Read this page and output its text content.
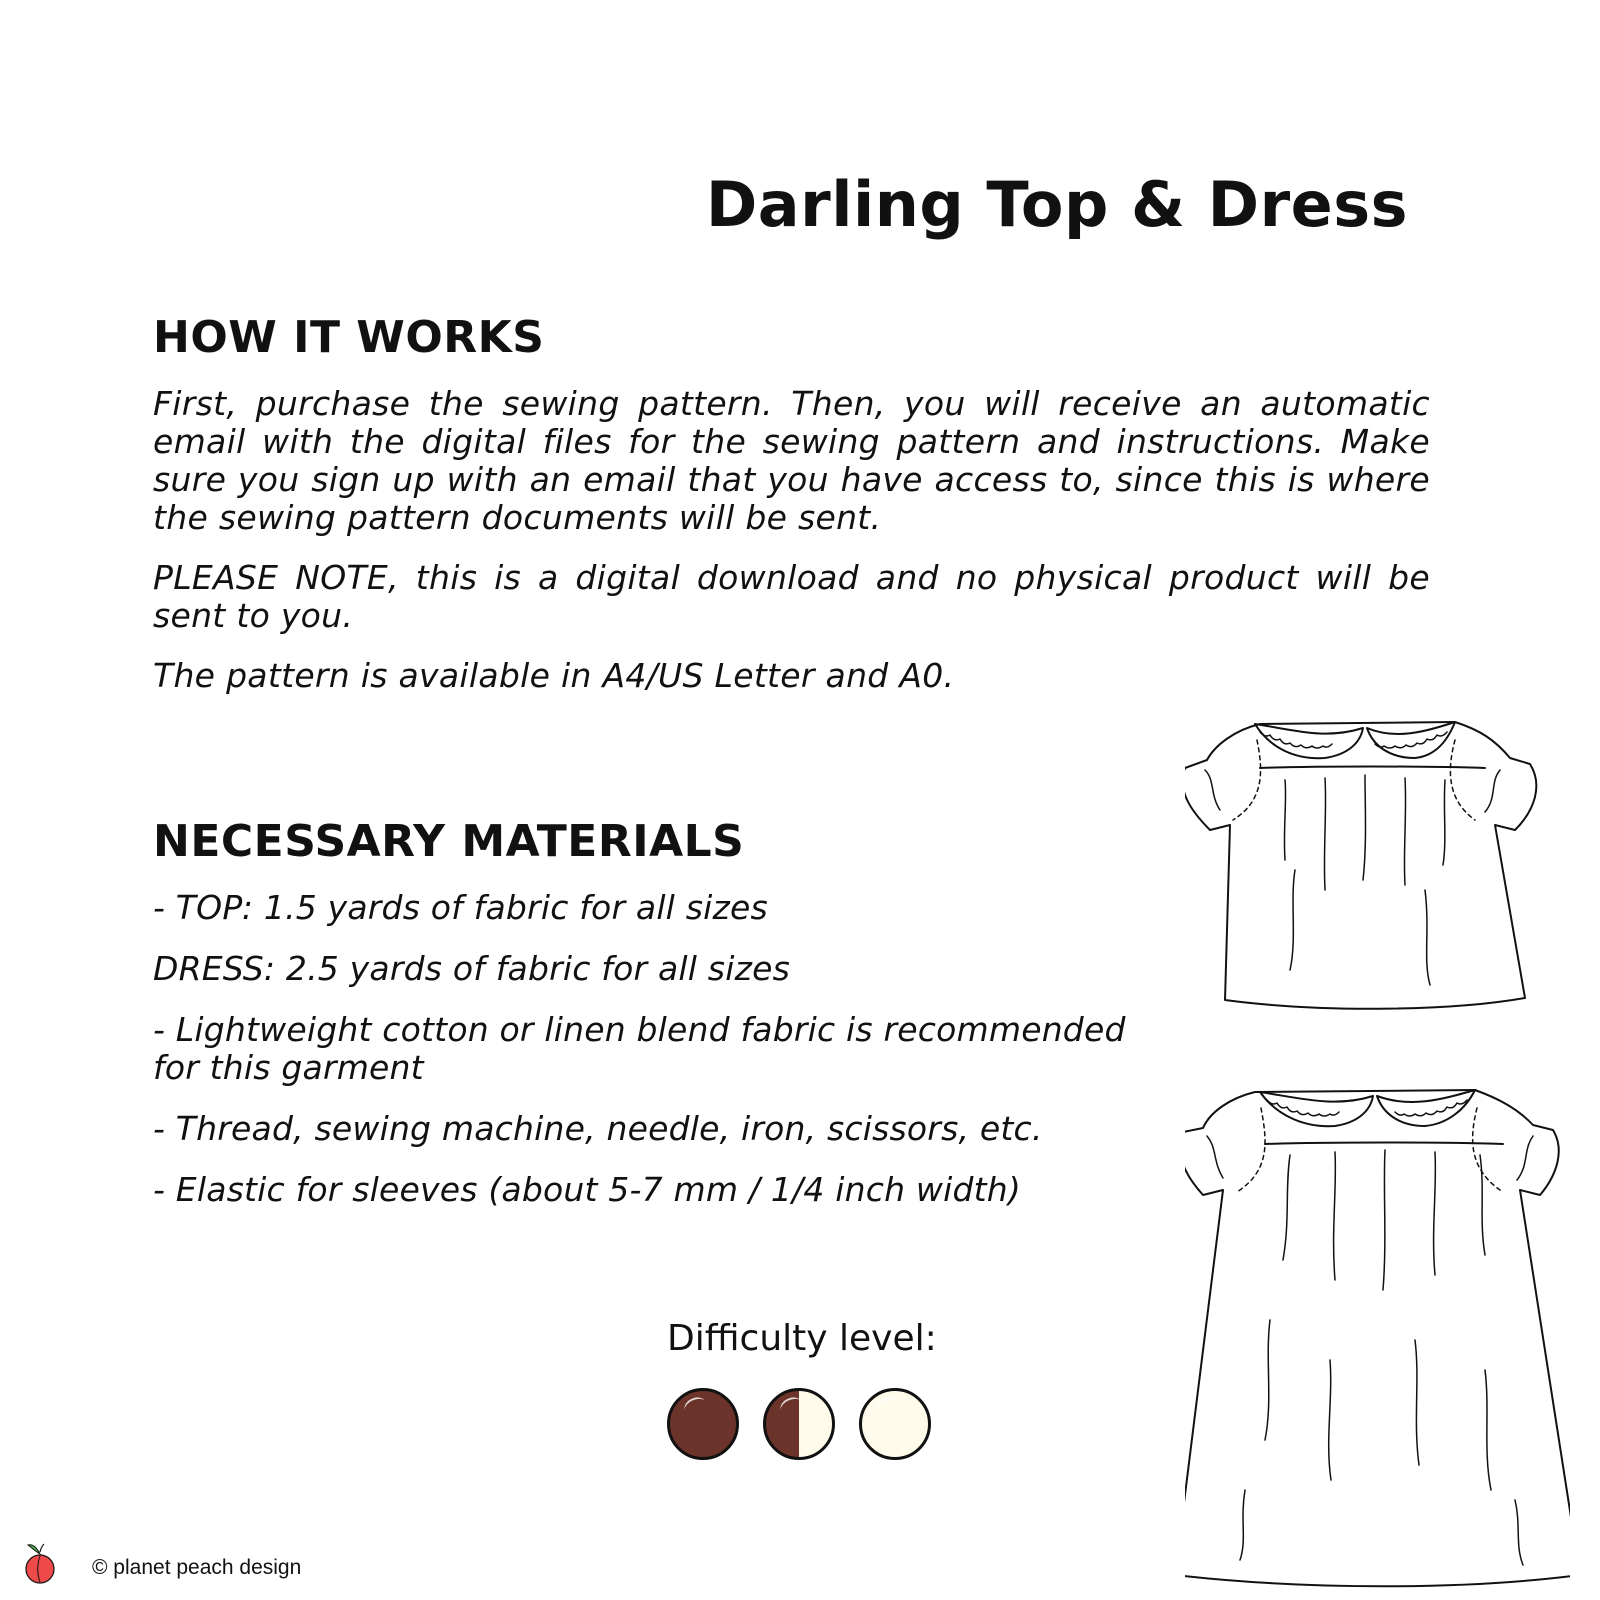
Darling Top & Dress
HOW IT WORKS

First, purchase the sewing pattern. Then, you will receive an automatic email with the digital files for the sewing pattern and instructions. Make sure you sign up with an email that you have access to, since this is where the sewing pattern documents will be sent.

PLEASE NOTE, this is a digital download and no physical product will be sent to you.

The pattern is available in A4/US Letter and A0.

NECESSARY MATERIALS
- TOP: 1.5 yards of fabric for all sizes
DRESS: 2.5 yards of fabric for all sizes
- Lightweight cotton or linen blend fabric is recommended for this garment
- Thread, sewing machine, needle, iron, scissors, etc.
- Elastic for sleeves (about 5-7 mm / 1/4 inch width)
Difficulty level:
© planet peach design
